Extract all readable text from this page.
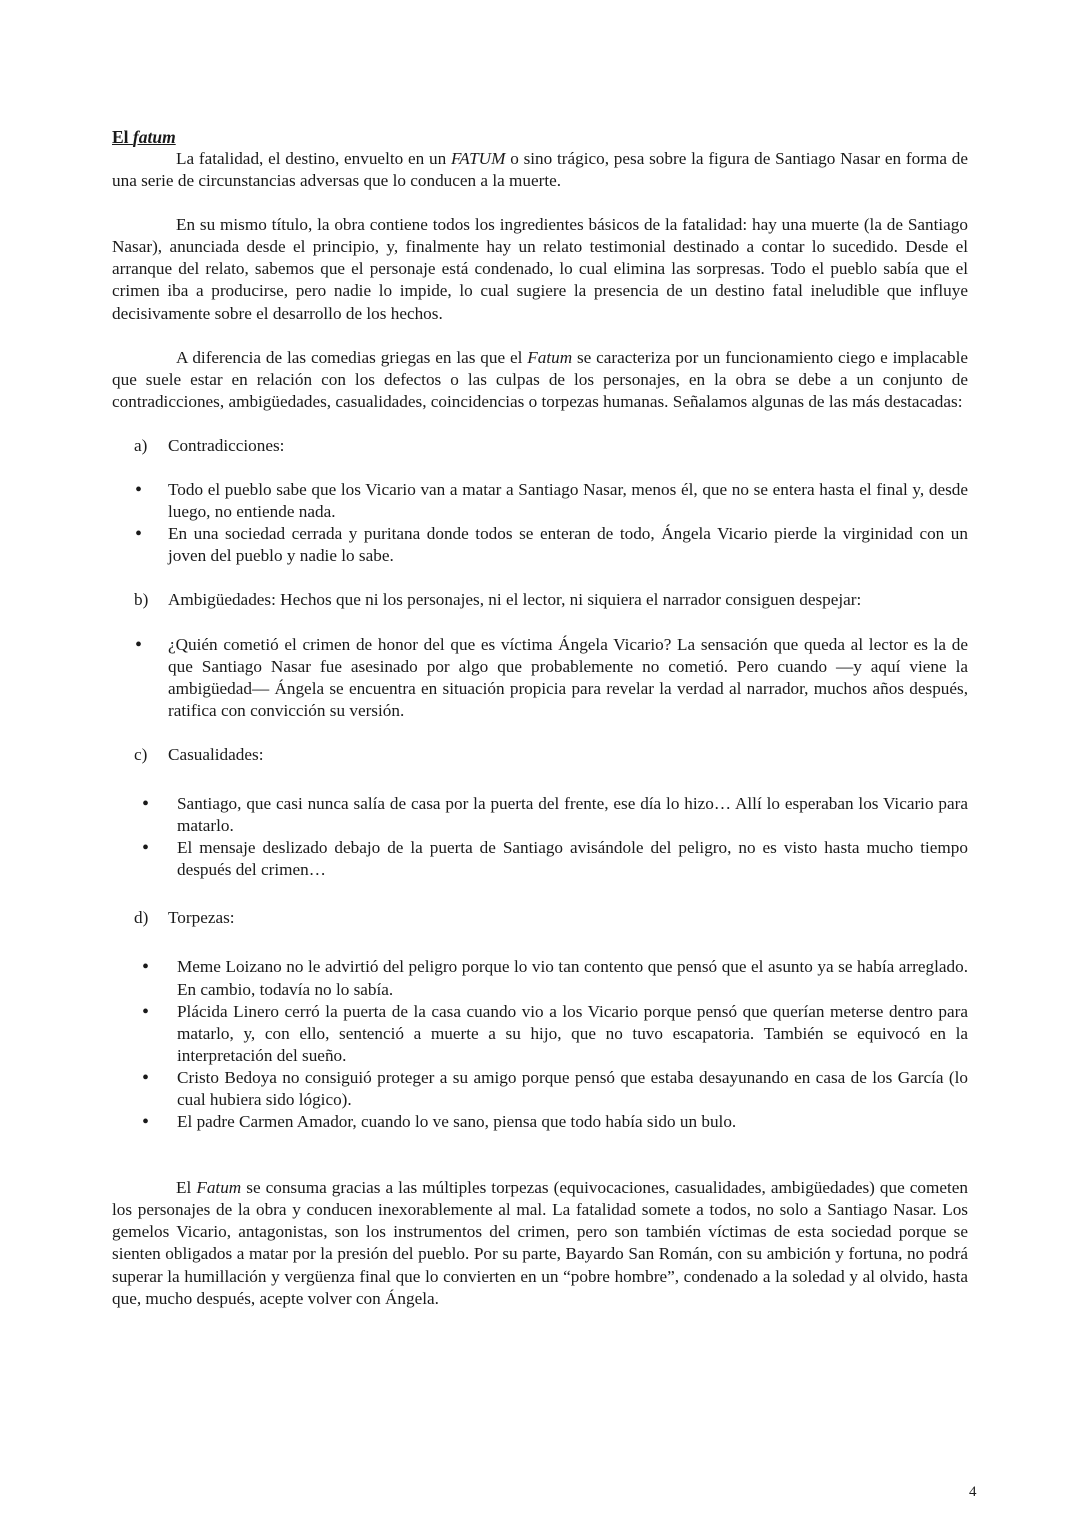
El fatum

La fatalidad, el destino, envuelto en un FATUM o sino trágico, pesa sobre la figura de Santiago Nasar en forma de una serie de circunstancias adversas que lo conducen a la muerte.

En su mismo título, la obra contiene todos los ingredientes básicos de la fatalidad: hay una muerte (la de Santiago Nasar), anunciada desde el principio, y, finalmente hay un relato testimonial destinado a contar lo sucedido. Desde el arranque del relato, sabemos que el personaje está condenado, lo cual elimina las sorpresas. Todo el pueblo sabía que el crimen iba a producirse, pero nadie lo impide, lo cual sugiere la presencia de un destino fatal ineludible que influye decisivamente sobre el desarrollo de los hechos.

A diferencia de las comedias griegas en las que el Fatum se caracteriza por un funcionamiento ciego e implacable que suele estar en relación con los defectos o las culpas de los personajes, en la obra se debe a un conjunto de contradicciones, ambigüedades, casualidades, coincidencias o torpezas humanas. Señalamos algunas de las más destacadas:

a) Contradicciones:

• Todo el pueblo sabe que los Vicario van a matar a Santiago Nasar, menos él, que no se entera hasta el final y, desde luego, no entiende nada.
• En una sociedad cerrada y puritana donde todos se enteran de todo, Ángela Vicario pierde la virginidad con un joven del pueblo y nadie lo sabe.

b) Ambigüedades: Hechos que ni los personajes, ni el lector, ni siquiera el narrador consiguen despejar:

• ¿Quién cometió el crimen de honor del que es víctima Ángela Vicario? La sensación que queda al lector es la de que Santiago Nasar fue asesinado por algo que probablemente no cometió. Pero cuando —y aquí viene la ambigüedad— Ángela se encuentra en situación propicia para revelar la verdad al narrador, muchos años después, ratifica con convicción su versión.

c) Casualidades:

• Santiago, que casi nunca salía de casa por la puerta del frente, ese día lo hizo… Allí lo esperaban los Vicario para matarlo.
• El mensaje deslizado debajo de la puerta de Santiago avisándole del peligro, no es visto hasta mucho tiempo después del crimen…

d) Torpezas:

• Meme Loizano no le advirtió del peligro porque lo vio tan contento que pensó que el asunto ya se había arreglado. En cambio, todavía no lo sabía.
• Plácida Linero cerró la puerta de la casa cuando vio a los Vicario porque pensó que querían meterse dentro para matarlo, y, con ello, sentenció a muerte a su hijo, que no tuvo escapatoria. También se equivocó en la interpretación del sueño.
• Cristo Bedoya no consiguió proteger a su amigo porque pensó que estaba desayunando en casa de los García (lo cual hubiera sido lógico).
• El padre Carmen Amador, cuando lo ve sano, piensa que todo había sido un bulo.

El Fatum se consuma gracias a las múltiples torpezas (equivocaciones, casualidades, ambigüedades) que cometen los personajes de la obra y conducen inexorablemente al mal. La fatalidad somete a todos, no solo a Santiago Nasar. Los gemelos Vicario, antagonistas, son los instrumentos del crimen, pero son también víctimas de esta sociedad porque se sienten obligados a matar por la presión del pueblo. Por su parte, Bayardo San Román, con su ambición y fortuna, no podrá superar la humillación y vergüenza final que lo convierten en un “pobre hombre”, condenado a la soledad y al olvido, hasta que, mucho después, acepte volver con Ángela.

4
